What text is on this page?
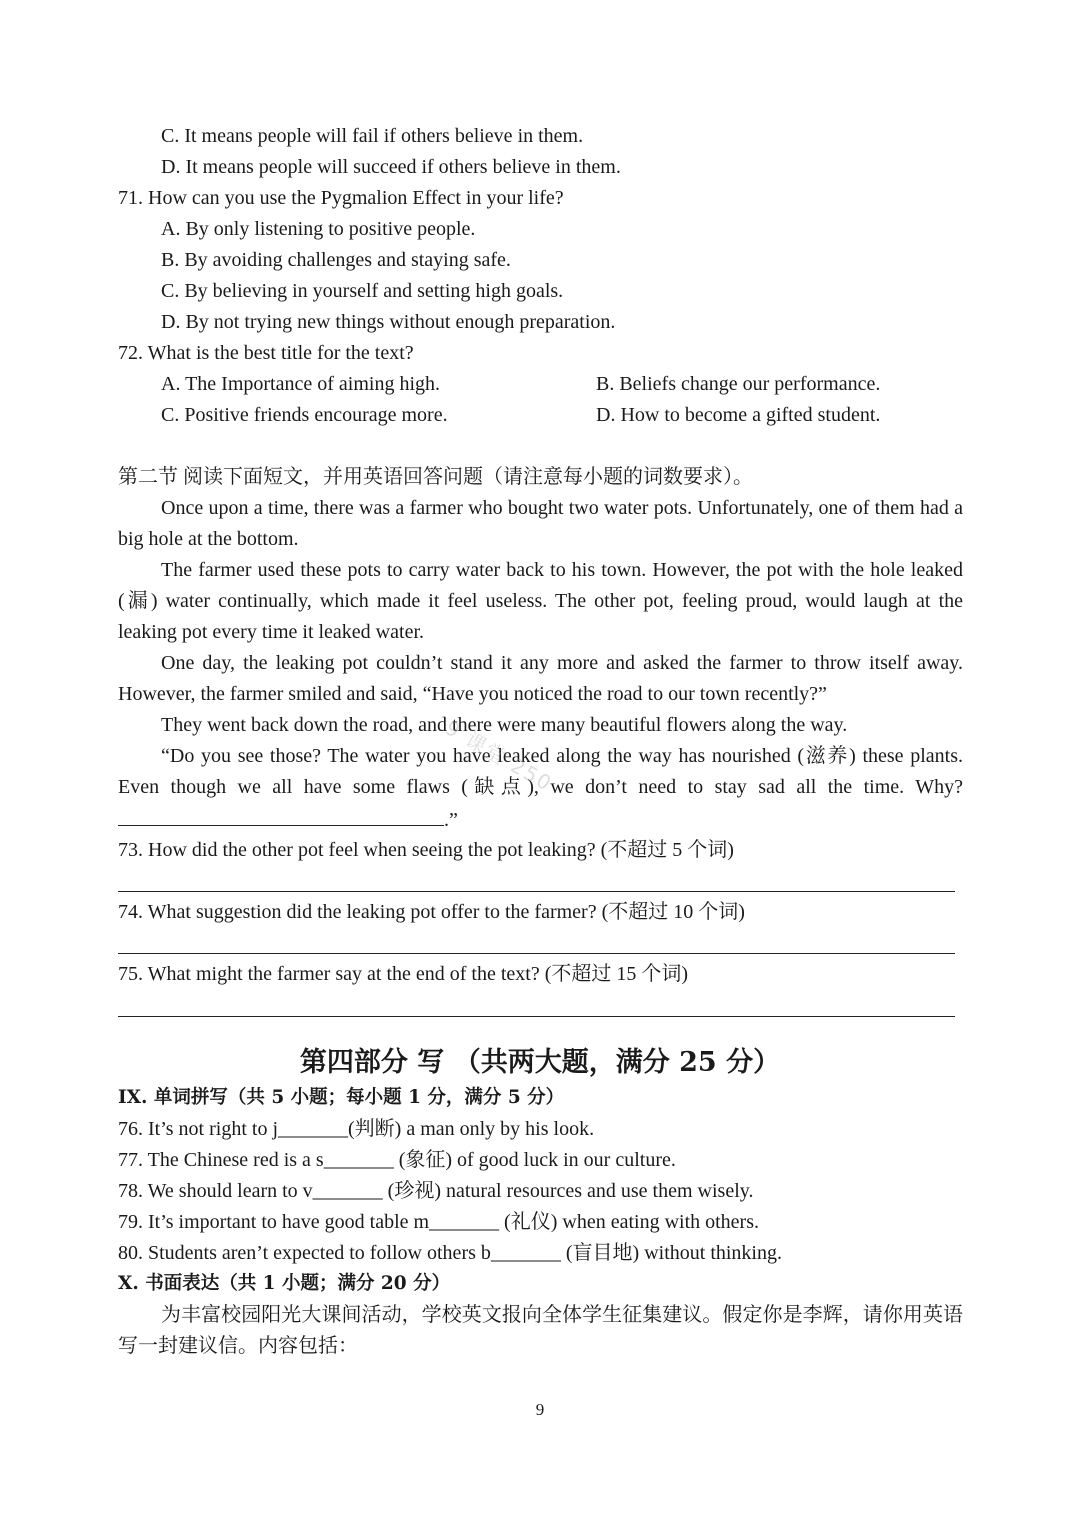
C. It means people will fail if others believe in them.
D. It means people will succeed if others believe in them.
71. How can you use the Pygmalion Effect in your life?
A. By only listening to positive people.
B. By avoiding challenges and staying safe.
C. By believing in yourself and setting high goals.
D. By not trying new things without enough preparation.
72. What is the best title for the text?
A. The Importance of aiming high.	B. Beliefs change our performance.
C. Positive friends encourage more.	D. How to become a gifted student.
第二节 阅读下面短文，并用英语回答问题（请注意每小题的词数要求）。
Once upon a time, there was a farmer who bought two water pots. Unfortunately, one of them had a big hole at the bottom.
The farmer used these pots to carry water back to his town. However, the pot with the hole leaked (漏) water continually, which made it feel useless. The other pot, feeling proud, would laugh at the leaking pot every time it leaked water.
One day, the leaking pot couldn’t stand it any more and asked the farmer to throw itself away. However, the farmer smiled and said, “Have you noticed the road to our town recently?”
They went back down the road, and there were many beautiful flowers along the way.
“Do you see those? The water you have leaked along the way has nourished (滋养) these plants. Even though we all have some flaws (缺点), we don’t need to stay sad all the time. Why?.”
9 课堂 250
73. How did the other pot feel when seeing the pot leaking? (不超过 5 个词)
74. What suggestion did the leaking pot offer to the farmer? (不超过 10 个词)
75. What might the farmer say at the end of the text? (不超过 15 个词)
第四部分 写 （共两大题，满分 25 分）
IX. 单词拼写（共 5 小题；每小题 1 分，满分 5 分）
76. It’s not right to j_______(判断) a man only by his look.
77. The Chinese red is a s_______ (象征) of good luck in our culture.
78. We should learn to v_______ (珍视) natural resources and use them wisely.
79. It’s important to have good table m_______ (礼仪) when eating with others.
80. Students aren’t expected to follow others b_______ (盲目地) without thinking.
X. 书面表达（共 1 小题；满分 20 分）
为丰富校园阳光大课间活动，学校英文报向全体学生征集建议。假定你是李辉，请你用英语写一封建议信。内容包括：
9
